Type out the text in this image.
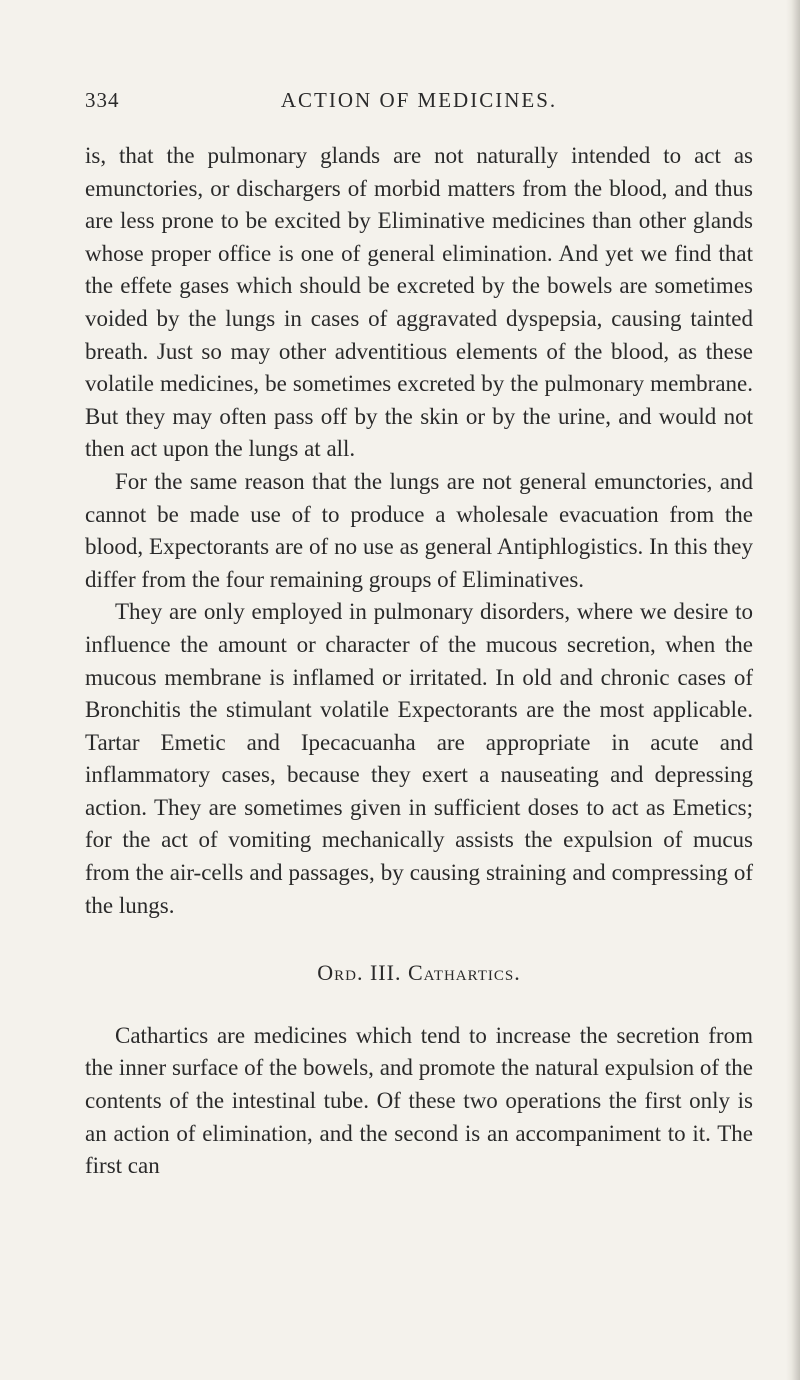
334	ACTION OF MEDICINES.

is, that the pulmonary glands are not naturally intended to act as emunctories, or dischargers of morbid matters from the blood, and thus are less prone to be excited by Eliminative medicines than other glands whose proper office is one of general elimination. And yet we find that the effete gases which should be excreted by the bowels are sometimes voided by the lungs in cases of aggravated dyspepsia, causing tainted breath. Just so may other adventitious elements of the blood, as these volatile medicines, be sometimes excreted by the pulmonary membrane. But they may often pass off by the skin or by the urine, and would not then act upon the lungs at all.

For the same reason that the lungs are not general emunctories, and cannot be made use of to produce a wholesale evacuation from the blood, Expectorants are of no use as general Antiphlogistics. In this they differ from the four remaining groups of Eliminatives.

They are only employed in pulmonary disorders, where we desire to influence the amount or character of the mucous secretion, when the mucous membrane is inflamed or irritated. In old and chronic cases of Bronchitis the stimulant volatile Expectorants are the most applicable. Tartar Emetic and Ipecacuanha are appropriate in acute and inflammatory cases, because they exert a nauseating and depressing action. They are sometimes given in sufficient doses to act as Emetics; for the act of vomiting mechanically assists the expulsion of mucus from the air-cells and passages, by causing straining and compressing of the lungs.

Ord. III. Cathartics.

Cathartics are medicines which tend to increase the secretion from the inner surface of the bowels, and promote the natural expulsion of the contents of the intestinal tube. Of these two operations the first only is an action of elimination, and the second is an accompaniment to it. The first can
